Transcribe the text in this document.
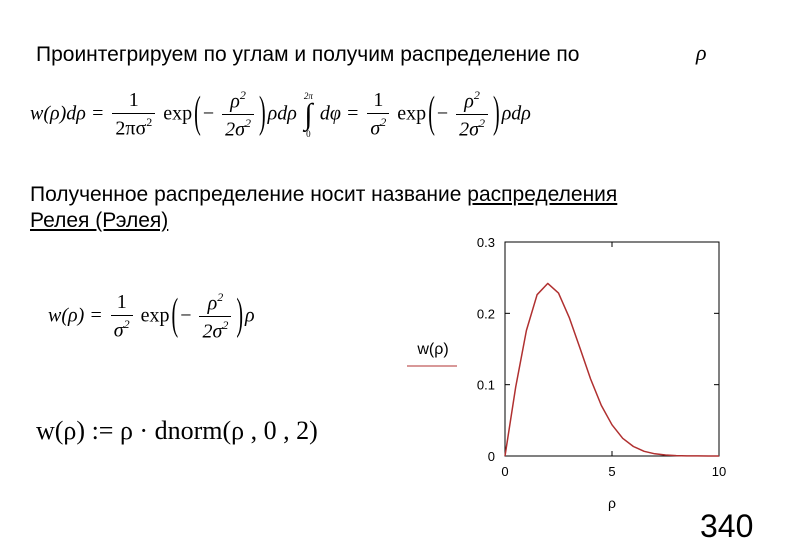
Проинтегрируем по углам и получим распределение по	ρ
$w(\rho)d\rho = \frac{1}{2\pi\sigma^2}$ exp ( − $\frac{\rho^2}{2\sigma^2}$ ) ρdρ
2π
∫
0
$d\varphi = \frac{1}{\sigma^2}$ exp ( − $\frac{\rho^2}{2\sigma^2}$ ) ρdρ
Полученное распределение носит название распределения
Релея (Рэлея)
$w(\rho) = \frac{1}{\sigma^2}$ exp ( − $\frac{\rho^2}{2\sigma^2}$ ) ρ
w(ρ) := ρ · dnorm(ρ , 0 , 2)
0
0.1
0.2
0.3
0	5	10
w(ρ)
ρ
340
